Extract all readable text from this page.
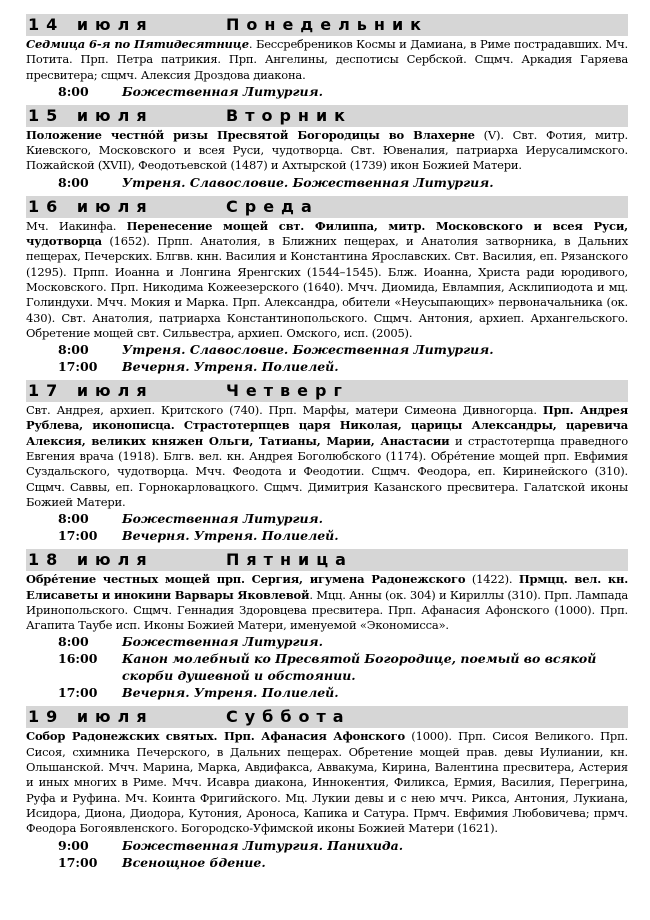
14 июля	Понедельник

Седмица 6-я по Пятидесятнице. Бессребреников Космы и Дамиана, в Риме пострадавших. Мч. Потита. Прп. Петра патрикия. Прп. Ангелины, деспотисы Сербской. Сщмч. Аркадия Гаряева пресвитера; сщмч. Алексия Дроздова диакона.

8:00	Божественная Литургия.
15 июля	Вторник

Положение честно́й ризы Пресвятой Богородицы во Влахерне (V). Свт. Фотия, митр. Киевского, Московского и всея Руси, чудотворца. Свт. Ювеналия, патриарха Иерусалимского. Пожайской (XVII), Феодотьевской (1487) и Ахтырской (1739) икон Божией Матери.

8:00	Утреня. Славословие. Божественная Литургия.
16 июля	Среда

Мч. Иакинфа. Перенесение мощей свт. Филиппа, митр. Московского и всея Руси, чудотворца (1652). Прпп. Анатолия, в Ближних пещерах, и Анатолия затворника, в Дальних пещерах, Печерских. Блгвв. кнн. Василия и Константина Ярославских. Свт. Василия, еп. Рязанского (1295). Прпп. Иоанна и Лонгина Яренгских (1544–1545). Блж. Иоанна, Христа ради юродивого, Московского. Прп. Никодима Кожеезерского (1640). Мчч. Диомида, Евлампия, Асклипиодота и мц. Голиндухи. Мчч. Мокия и Марка. Прп. Александра, обители «Неусыпающих» первоначальника (ок. 430). Свт. Анатолия, патриарха Константинопольского. Сщмч. Антония, архиеп. Архангельского. Обретение мощей свт. Сильвестра, архиеп. Омского, исп. (2005).

8:00	Утреня. Славословие. Божественная Литургия.
17:00	Вечерня. Утреня. Полиелей.
17 июля	Четверг

Свт. Андрея, архиеп. Критского (740). Прп. Марфы, матери Симеона Дивногорца. Прп. Андрея Рублева, иконописца. Страстотерпцев царя Николая, царицы Александры, царевича Алексия, великих княжен Ольги, Татианы, Марии, Анастасии и страстотерпца праведного Евгения врача (1918). Блгв. вел. кн. Андрея Боголюбского (1174). Обре́тение мощей прп. Евфимия Суздальского, чудотворца. Мчч. Феодота и Феодотии. Сщмч. Феодора, еп. Киринейского (310). Сщмч. Саввы, еп. Горнокарловацкого. Сщмч. Димитрия Казанского пресвитера. Галатской иконы Божией Матери.

8:00	Божественная Литургия.
17:00	Вечерня. Утреня. Полиелей.
18 июля	Пятница

Обре́тение честных мощей прп. Сергия, игумена Радонежского (1422). Прмцц. вел. кн. Елисаветы и инокини Варвары Яковлевой. Мцц. Анны (ок. 304) и Кириллы (310). Прп. Лампада Иринопольского. Сщмч. Геннадия Здоровцева пресвитера. Прп. Афанасия Афонского (1000). Прп. Агапита Таубе исп. Иконы Божией Матери, именуемой «Экономисса».

8:00	Божественная Литургия.
16:00	Канон молебный ко Пресвятой Богородице, поемый во всякой скорби душевной и обстоянии.
17:00	Вечерня. Утреня. Полиелей.
19 июля	Суббота

Собор Радонежских святых. Прп. Афанасия Афонского (1000). Прп. Сисоя Великого. Прп. Сисоя, схимника Печерского, в Дальних пещерах. Обретение мощей прав. девы Иулиании, кн. Ольшанской. Мчч. Марина, Марка, Авдифакса, Аввакума, Кирина, Валентина пресвитера, Астерия и иных многих в Риме. Мчч. Исавра диакона, Иннокентия, Филикса, Ермия, Василия, Перегрина, Руфа и Руфина. Мч. Коинта Фригийского. Мц. Лукии девы и с нею мчч. Рикса, Антония, Лукиана, Исидора, Диона, Диодора, Кутония, Ароноса, Капика и Сатура. Прмч. Евфимия Любовичева; прмч. Феодора Богоявленского. Богородско-Уфимской иконы Божией Матери (1621).

9:00	Божественная Литургия. Панихида.
17:00	Всенощное бдение.
